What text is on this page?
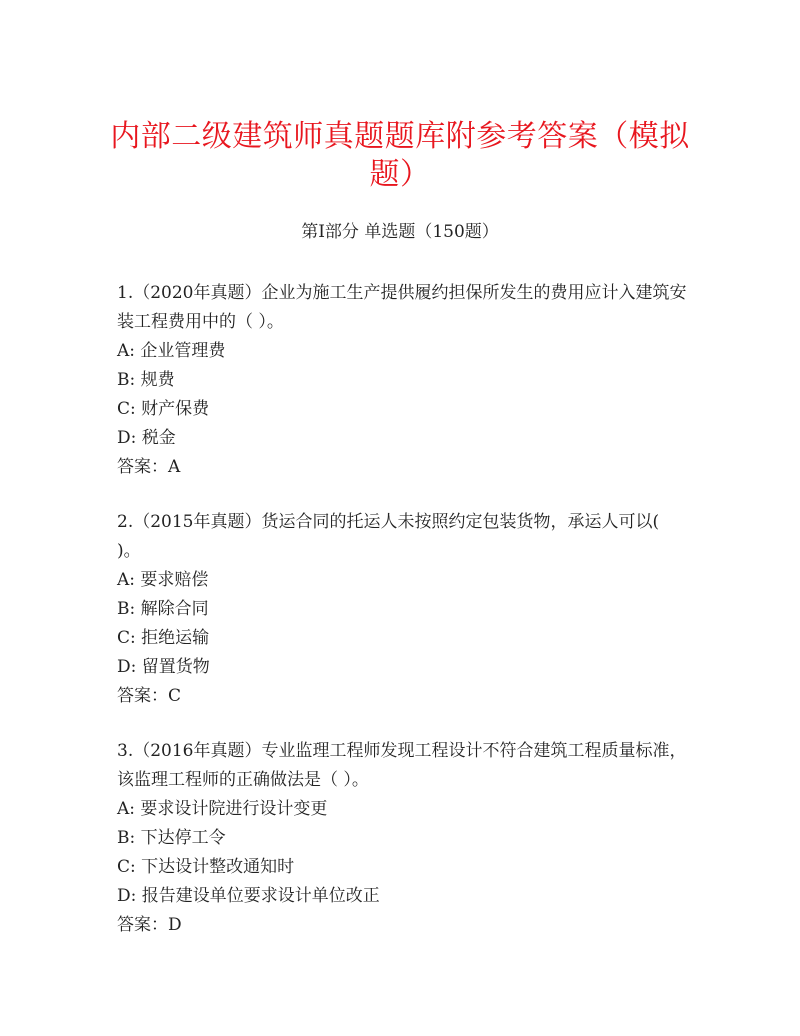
内部二级建筑师真题题库附参考答案（模拟题）
第Ⅰ部分 单选题（150题）

1.（2020年真题）企业为施工生产提供履约担保所发生的费用应计入建筑安装工程费用中的（ ）。

A: 企业管理费

B: 规费

C: 财产保费

D: 税金

答案：A

2.（2015年真题）货运合同的托运人未按照约定包装货物，承运人可以( )。

A: 要求赔偿

B: 解除合同

C: 拒绝运输

D: 留置货物

答案：C

3.（2016年真题）专业监理工程师发现工程设计不符合建筑工程质量标准，该监理工程师的正确做法是（ ）。

A: 要求设计院进行设计变更

B: 下达停工令

C: 下达设计整改通知时

D: 报告建设单位要求设计单位改正

答案：D
